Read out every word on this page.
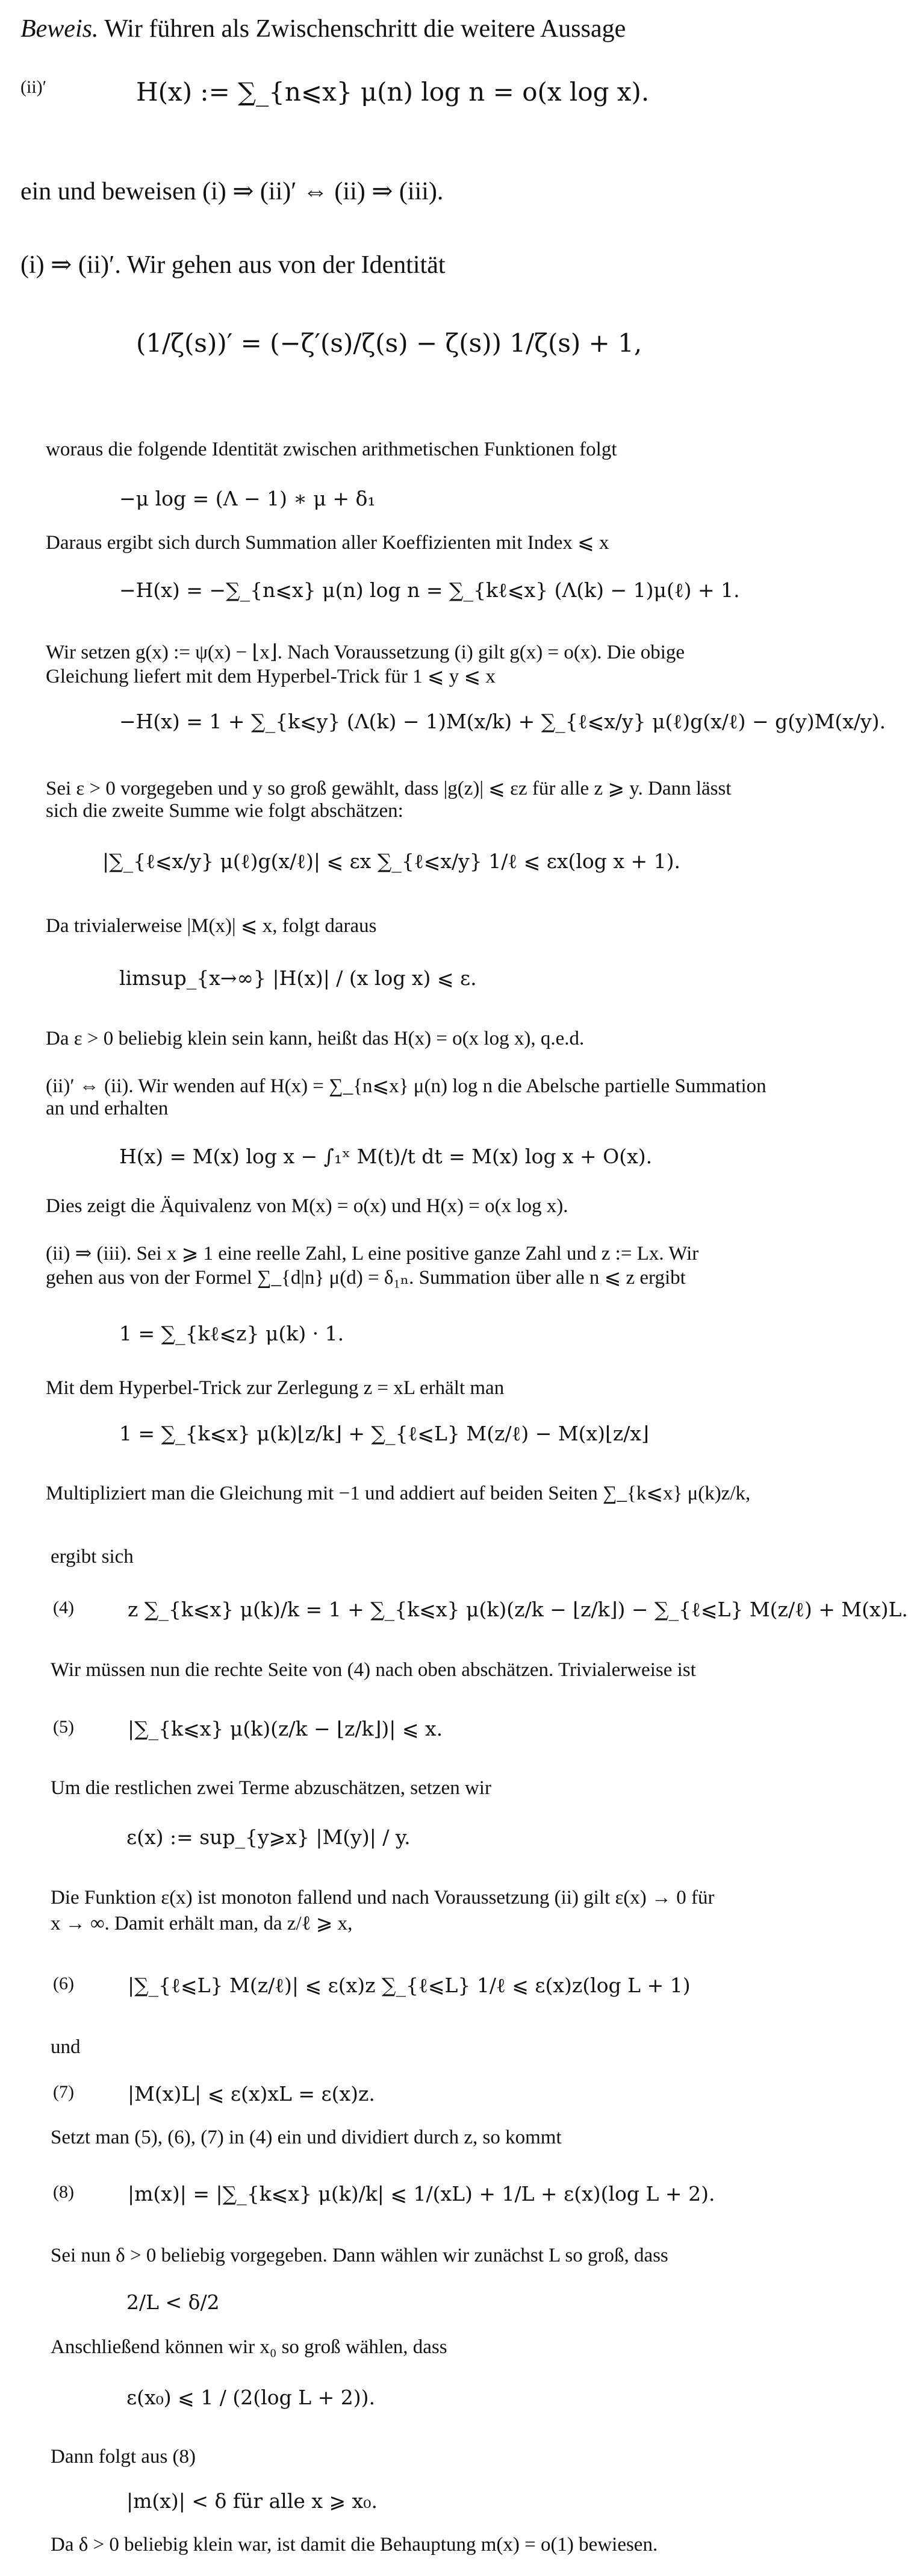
Beweis. Wir führen als Zwischenschritt die weitere Aussage
(ii)′	H(x) := ∑_{n⩽x} μ(n) log n = o(x log x).
ein und beweisen (i) ⇒ (ii)′ ⇔ (ii) ⇒ (iii).
(i) ⇒ (ii)′. Wir gehen aus von der Identität
(1/ζ(s))′ = (−ζ′(s)/ζ(s) − ζ(s)) 1/ζ(s) + 1,
woraus die folgende Identität zwischen arithmetischen Funktionen folgt
−μ log = (Λ − 1) ∗ μ + δ₁
Daraus ergibt sich durch Summation aller Koeffizienten mit Index ⩽ x
−H(x) = −∑_{n⩽x} μ(n) log n = ∑_{kℓ⩽x} (Λ(k) − 1)μ(ℓ) + 1.
Wir setzen g(x) := ψ(x) − ⌊x⌋. Nach Voraussetzung (i) gilt g(x) = o(x). Die obige
Gleichung liefert mit dem Hyperbel-Trick für 1 ⩽ y ⩽ x
−H(x) = 1 + ∑_{k⩽y} (Λ(k) − 1)M(x/k) + ∑_{ℓ⩽x/y} μ(ℓ)g(x/ℓ) − g(y)M(x/y).
Sei ε > 0 vorgegeben und y so groß gewählt, dass |g(z)| ⩽ εz für alle z ⩾ y. Dann lässt
sich die zweite Summe wie folgt abschätzen:
|∑_{ℓ⩽x/y} μ(ℓ)g(x/ℓ)| ⩽ εx ∑_{ℓ⩽x/y} 1/ℓ ⩽ εx(log x + 1).
Da trivialerweise |M(x)| ⩽ x, folgt daraus
limsup_{x→∞} |H(x)| / (x log x) ⩽ ε.
Da ε > 0 beliebig klein sein kann, heißt das H(x) = o(x log x), q.e.d.
(ii)′ ⇔ (ii). Wir wenden auf H(x) = ∑_{n⩽x} μ(n) log n die Abelsche partielle Summation
an und erhalten
H(x) = M(x) log x − ∫₁ˣ M(t)/t dt = M(x) log x + O(x).
Dies zeigt die Äquivalenz von M(x) = o(x) und H(x) = o(x log x).
(ii) ⇒ (iii). Sei x ⩾ 1 eine reelle Zahl, L eine positive ganze Zahl und z := Lx. Wir
gehen aus von der Formel ∑_{d|n} μ(d) = δ₁ₙ. Summation über alle n ⩽ z ergibt
1 = ∑_{kℓ⩽z} μ(k) · 1.
Mit dem Hyperbel-Trick zur Zerlegung z = xL erhält man
1 = ∑_{k⩽x} μ(k)⌊z/k⌋ + ∑_{ℓ⩽L} M(z/ℓ) − M(x)⌊z/x⌋
Multipliziert man die Gleichung mit −1 und addiert auf beiden Seiten ∑_{k⩽x} μ(k)z/k,
ergibt sich
(4)	z ∑_{k⩽x} μ(k)/k = 1 + ∑_{k⩽x} μ(k)(z/k − ⌊z/k⌋) − ∑_{ℓ⩽L} M(z/ℓ) + M(x)L.
Wir müssen nun die rechte Seite von (4) nach oben abschätzen. Trivialerweise ist
(5)	|∑_{k⩽x} μ(k)(z/k − ⌊z/k⌋)| ⩽ x.
Um die restlichen zwei Terme abzuschätzen, setzen wir
ε(x) := sup_{y⩾x} |M(y)| / y.
Die Funktion ε(x) ist monoton fallend und nach Voraussetzung (ii) gilt ε(x) → 0 für
x → ∞. Damit erhält man, da z/ℓ ⩾ x,
(6)	|∑_{ℓ⩽L} M(z/ℓ)| ⩽ ε(x)z ∑_{ℓ⩽L} 1/ℓ ⩽ ε(x)z(log L + 1)
und
(7)	|M(x)L| ⩽ ε(x)xL = ε(x)z.
Setzt man (5), (6), (7) in (4) ein und dividiert durch z, so kommt
(8)	|m(x)| = |∑_{k⩽x} μ(k)/k| ⩽ 1/(xL) + 1/L + ε(x)(log L + 2).
Sei nun δ > 0 beliebig vorgegeben. Dann wählen wir zunächst L so groß, dass
2/L < δ/2
Anschließend können wir x₀ so groß wählen, dass
ε(x₀) ⩽ 1 / (2(log L + 2)).
Dann folgt aus (8)
|m(x)| < δ für alle x ⩾ x₀.
Da δ > 0 beliebig klein war, ist damit die Behauptung m(x) = o(1) bewiesen.
